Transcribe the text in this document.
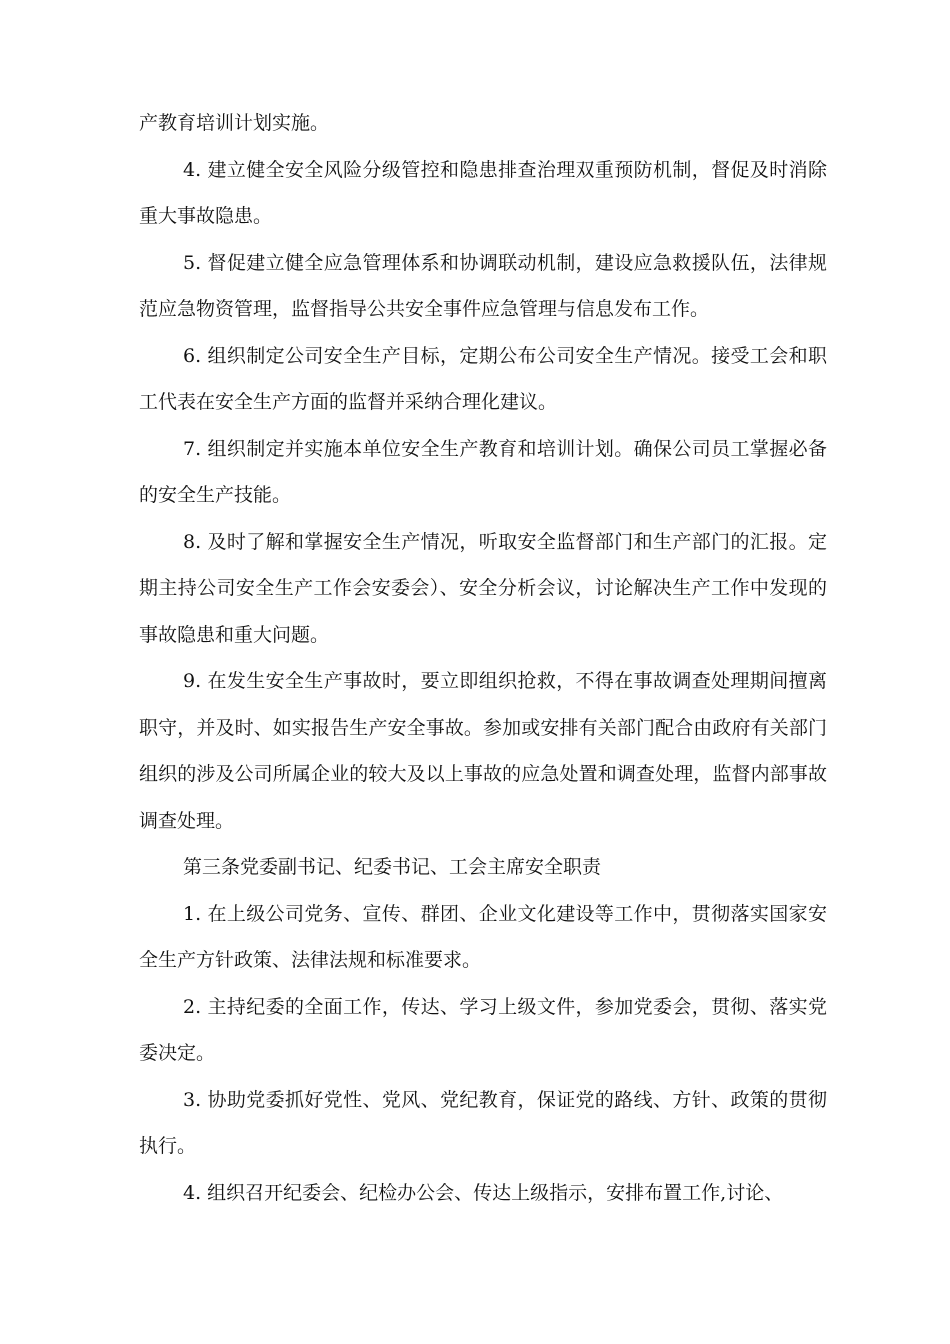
产教育培训计划实施。

4. 建立健全安全风险分级管控和隐患排查治理双重预防机制，督促及时消除重大事故隐患。

5. 督促建立健全应急管理体系和协调联动机制，建设应急救援队伍，法律规范应急物资管理，监督指导公共安全事件应急管理与信息发布工作。

6. 组织制定公司安全生产目标，定期公布公司安全生产情况。接受工会和职工代表在安全生产方面的监督并采纳合理化建议。

7. 组织制定并实施本单位安全生产教育和培训计划。确保公司员工掌握必备的安全生产技能。

8. 及时了解和掌握安全生产情况，听取安全监督部门和生产部门的汇报。定期主持公司安全生产工作会安委会）、安全分析会议，讨论解决生产工作中发现的事故隐患和重大问题。

9. 在发生安全生产事故时，要立即组织抢救，不得在事故调查处理期间擅离职守，并及时、如实报告生产安全事故。参加或安排有关部门配合由政府有关部门组织的涉及公司所属企业的较大及以上事故的应急处置和调查处理，监督内部事故调查处理。

第三条党委副书记、纪委书记、工会主席安全职责

1. 在上级公司党务、宣传、群团、企业文化建设等工作中，贯彻落实国家安全生产方针政策、法律法规和标准要求。

2. 主持纪委的全面工作，传达、学习上级文件，参加党委会，贯彻、落实党委决定。

3. 协助党委抓好党性、党风、党纪教育，保证党的路线、方针、政策的贯彻执行。

4. 组织召开纪委会、纪检办公会、传达上级指示，安排布置工作,讨论、
